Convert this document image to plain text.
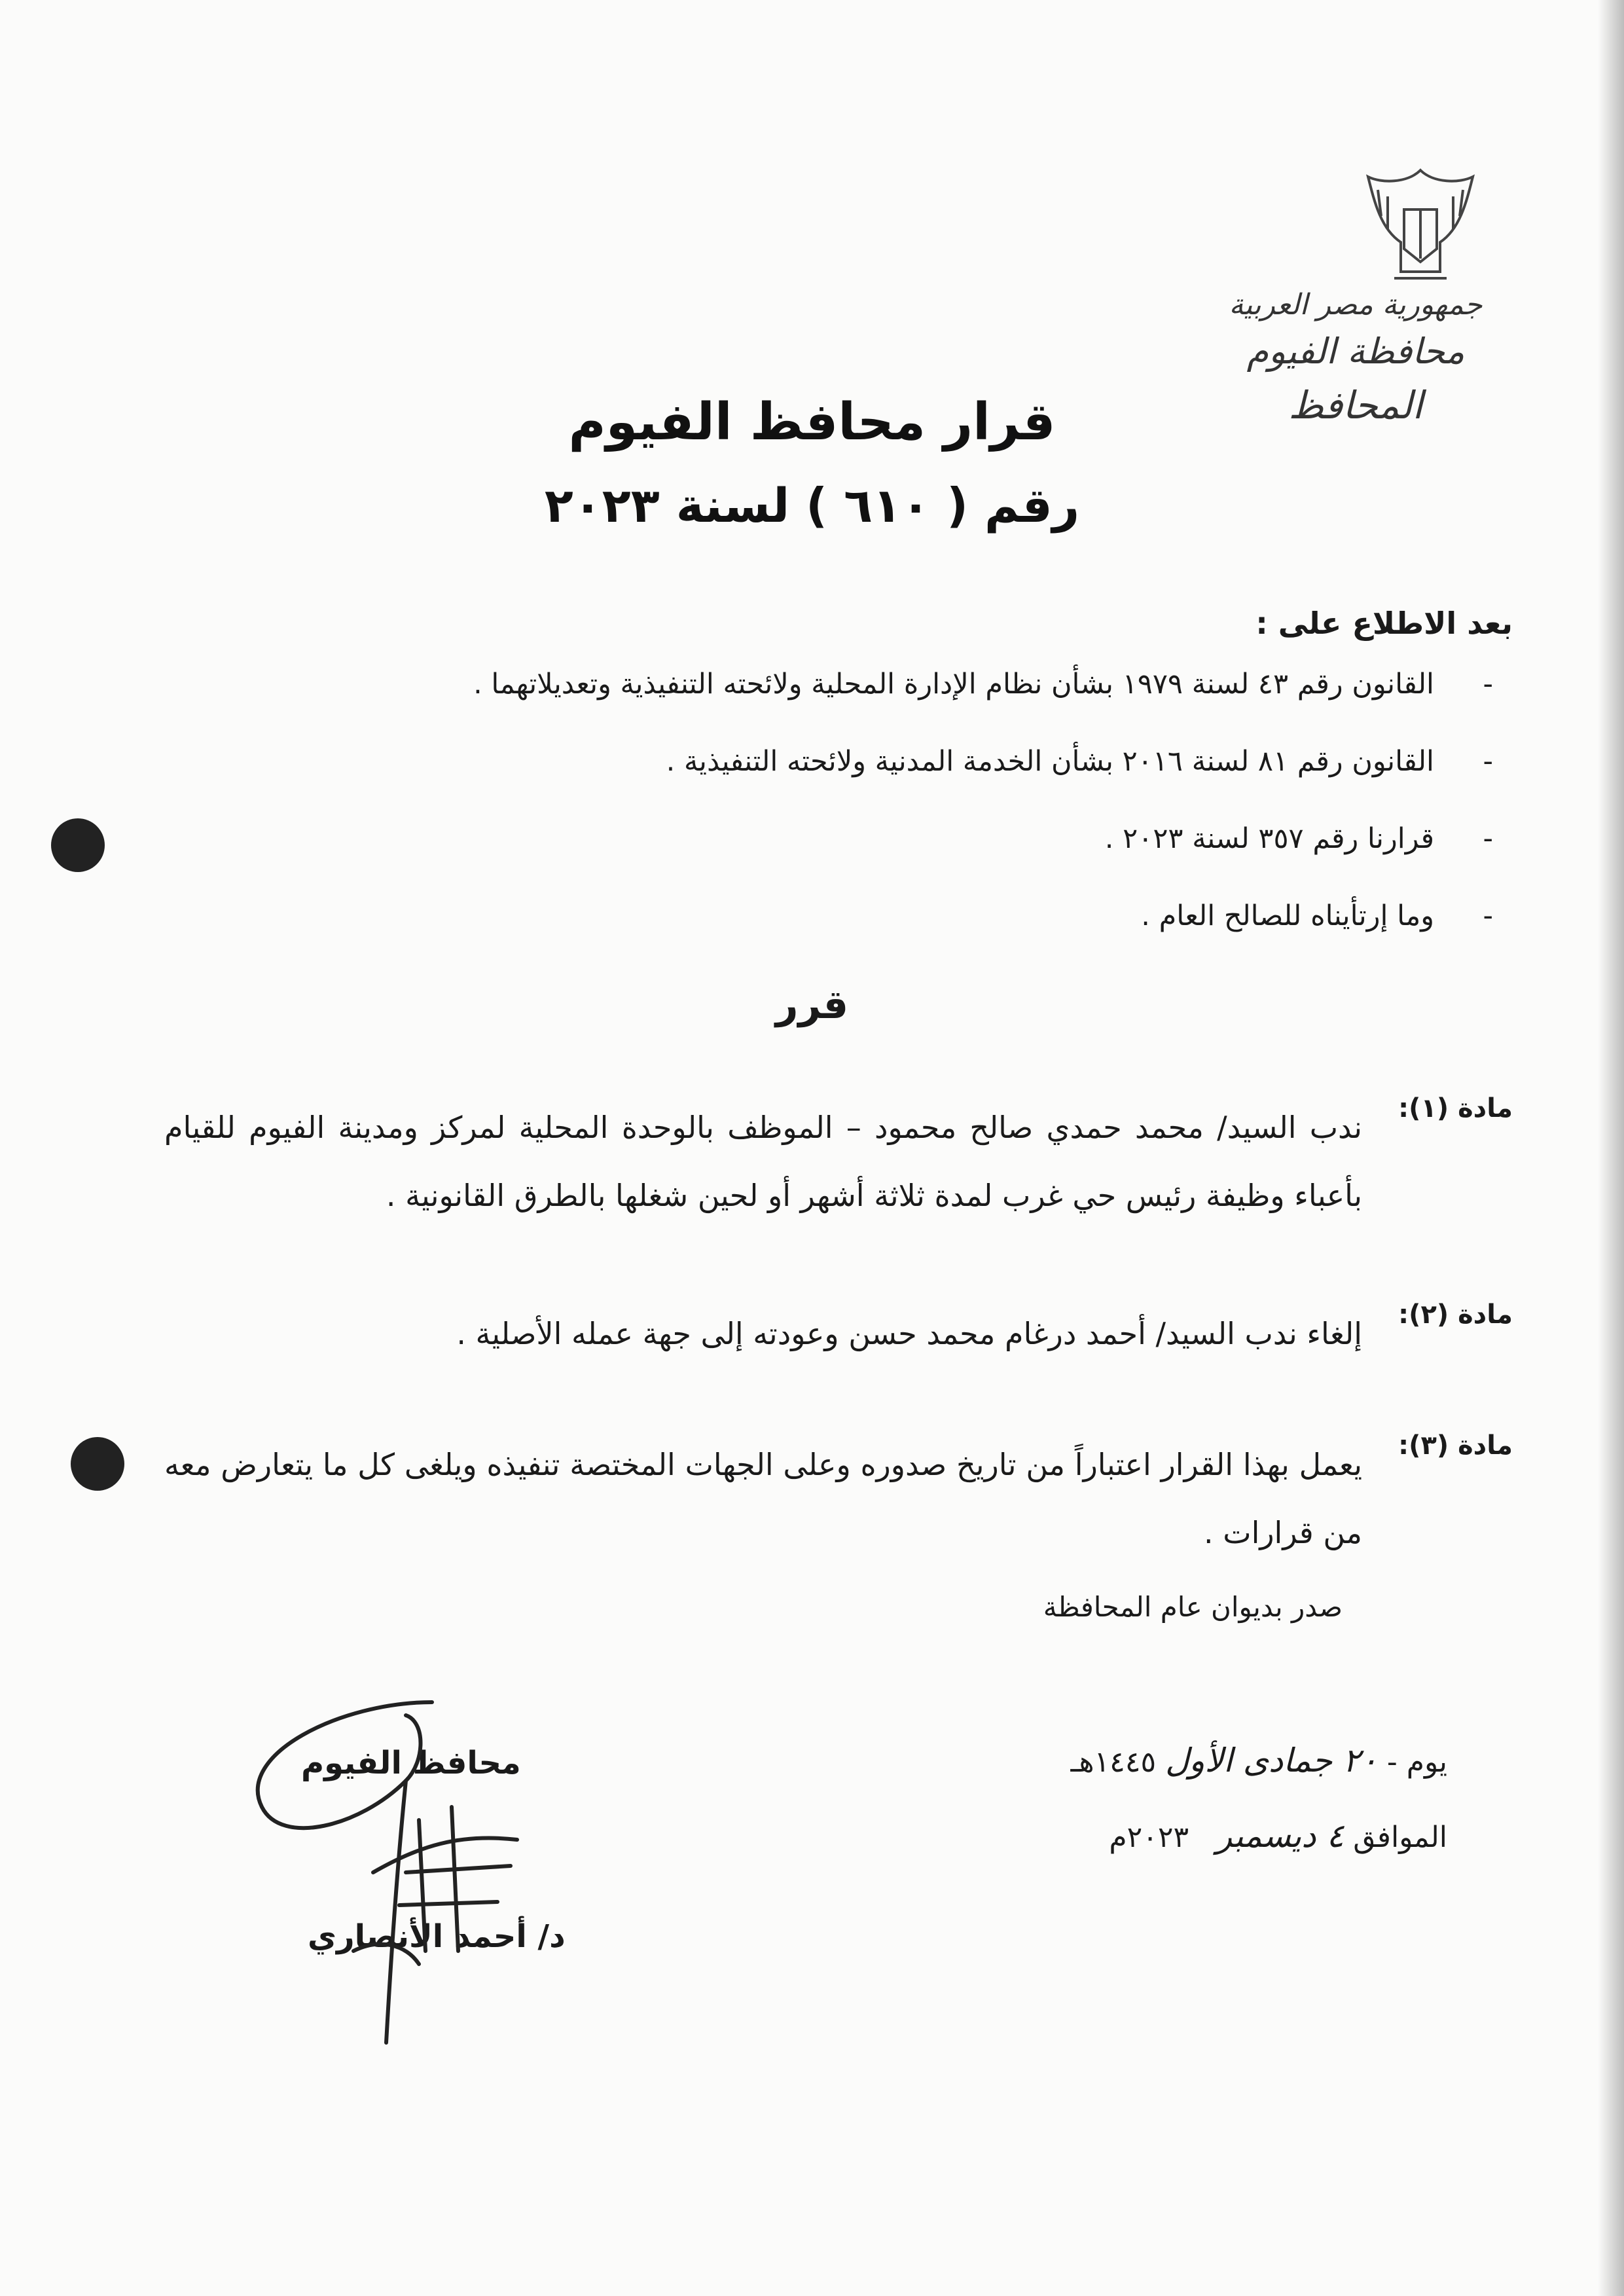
جمهورية مصر العربية
محافظة الفيوم
المحافظ
قرار محافظ الفيوم
رقم ( ٦١٠ ) لسنة ٢٠٢٣
بعد الاطلاع على :
-
القانون رقم ٤٣ لسنة ١٩٧٩ بشأن نظام الإدارة المحلية ولائحته التنفيذية وتعديلاتهما .
-
القانون رقم ٨١ لسنة ٢٠١٦ بشأن الخدمة المدنية ولائحته التنفيذية .
-
قرارنا رقم ٣٥٧ لسنة ٢٠٢٣ .
-
وما إرتأيناه للصالح العام .
قرر
مادة (١):
ندب السيد/ محمد حمدي صالح محمود – الموظف بالوحدة المحلية لمركز ومدينة الفيوم للقيام بأعباء وظيفة رئيس حي غرب لمدة ثلاثة أشهر أو لحين شغلها بالطرق القانونية .
مادة (٢):
إلغاء ندب السيد/ أحمد درغام محمد حسن وعودته إلى جهة عمله الأصلية .
مادة (٣):
يعمل بهذا القرار اعتباراً من تاريخ صدوره وعلى الجهات المختصة تنفيذه ويلغى كل ما يتعارض معه من قرارات .
صدر بديوان عام المحافظة
يوم - ٢٠ جمادى الأول ١٤٤٥هـ
الموافق ٤ ديسمبر   ٢٠٢٣م
محافظ الفيوم
د/ أحمد الأنصاري
